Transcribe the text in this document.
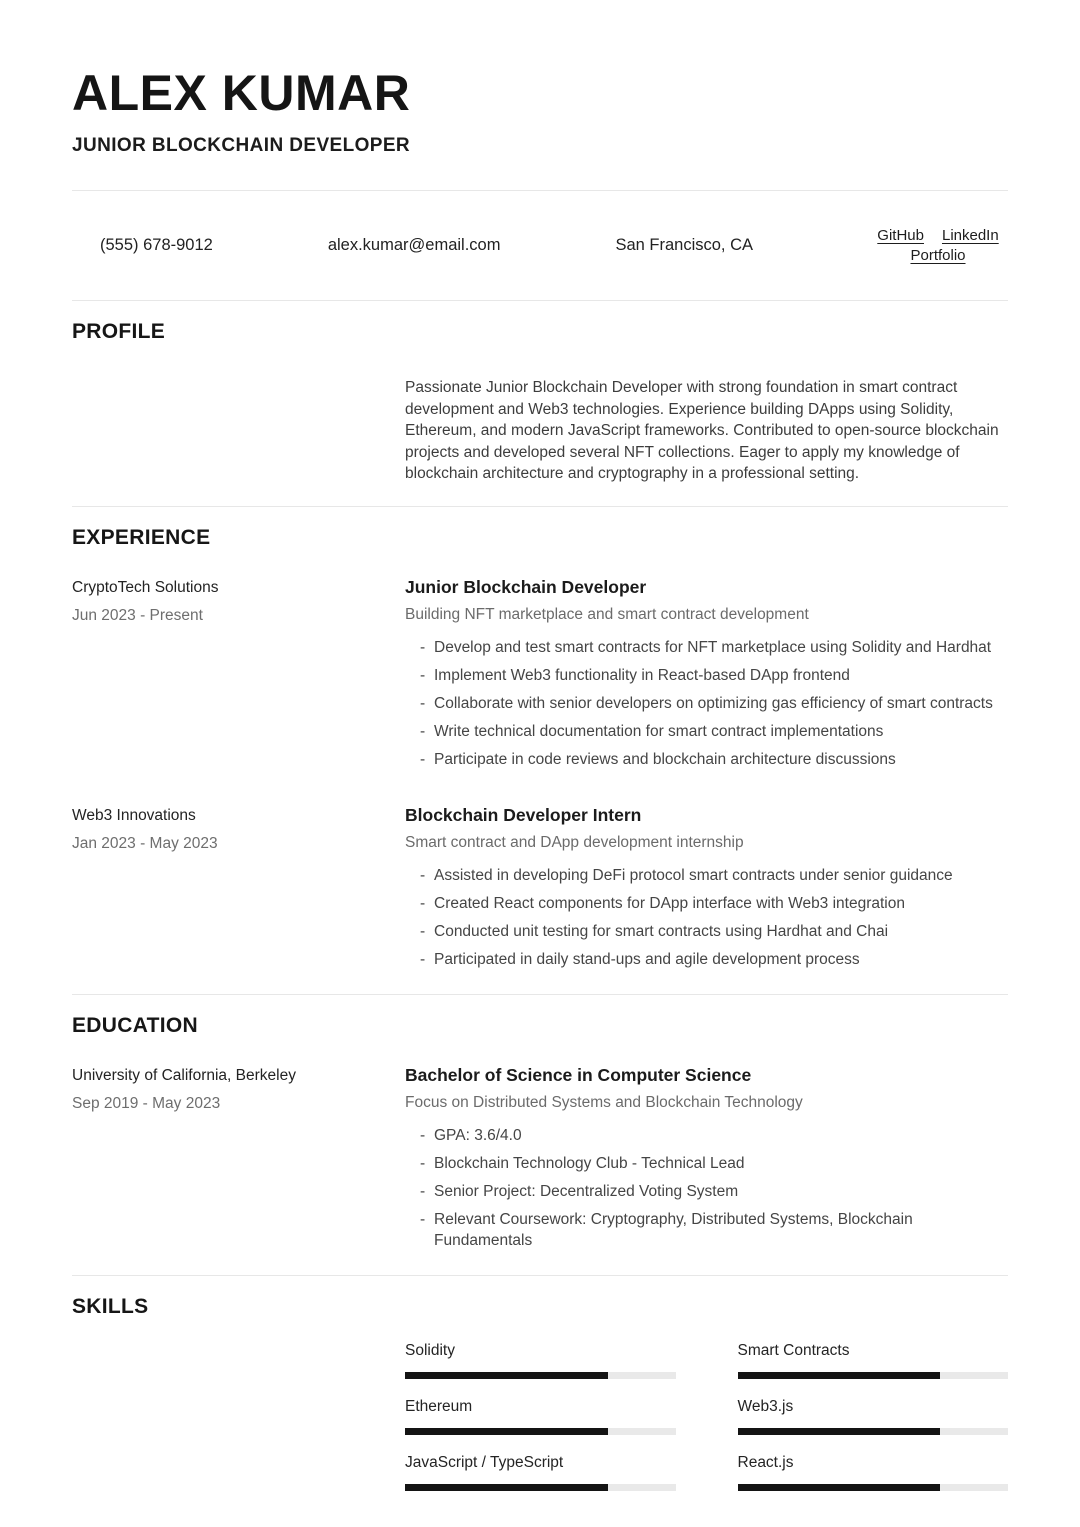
ALEX KUMAR
JUNIOR BLOCKCHAIN DEVELOPER
(555) 678-9012	alex.kumar@email.com	San Francisco, CA
GitHub LinkedIn
Portfolio
PROFILE

Passionate Junior Blockchain Developer with strong foundation in smart contract development and Web3 technologies. Experience building DApps using Solidity, Ethereum, and modern JavaScript frameworks. Contributed to open-source blockchain projects and developed several NFT collections. Eager to apply my knowledge of blockchain architecture and cryptography in a professional setting.

EXPERIENCE
CryptoTech Solutions
Jun 2023 - Present
Junior Blockchain Developer
Building NFT marketplace and smart contract development
- Develop and test smart contracts for NFT marketplace using Solidity and Hardhat
- Implement Web3 functionality in React-based DApp frontend
- Collaborate with senior developers on optimizing gas efficiency of smart contracts
- Write technical documentation for smart contract implementations
- Participate in code reviews and blockchain architecture discussions
Web3 Innovations
Jan 2023 - May 2023
Blockchain Developer Intern
Smart contract and DApp development internship
- Assisted in developing DeFi protocol smart contracts under senior guidance
- Created React components for DApp interface with Web3 integration
- Conducted unit testing for smart contracts using Hardhat and Chai
- Participated in daily stand-ups and agile development process
EDUCATION
University of California, Berkeley
Sep 2019 - May 2023
Bachelor of Science in Computer Science
Focus on Distributed Systems and Blockchain Technology
- GPA: 3.6/4.0
- Blockchain Technology Club - Technical Lead
- Senior Project: Decentralized Voting System
- Relevant Coursework: Cryptography, Distributed Systems, Blockchain Fundamentals
SKILLS
Solidity	Smart Contracts
Ethereum	Web3.js
JavaScript / TypeScript	React.js
